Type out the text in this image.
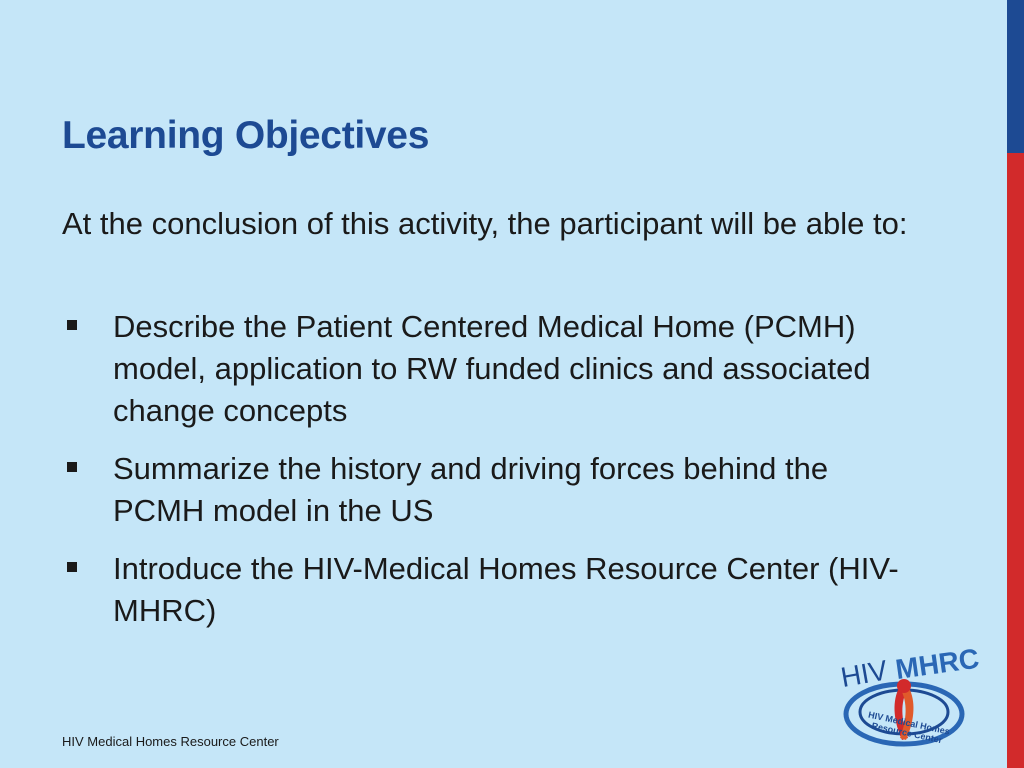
Learning Objectives

At the conclusion of this activity, the participant will be able to:

Describe the Patient Centered Medical Home (PCMH) model, application to RW funded clinics and associated change concepts
Summarize the history and driving forces behind the PCMH model in the US
Introduce the HIV-Medical Homes Resource Center (HIV-MHRC)
HIV Medical Homes Resource Center
HIV MHRC
HIV Medical Homes Resource Center
